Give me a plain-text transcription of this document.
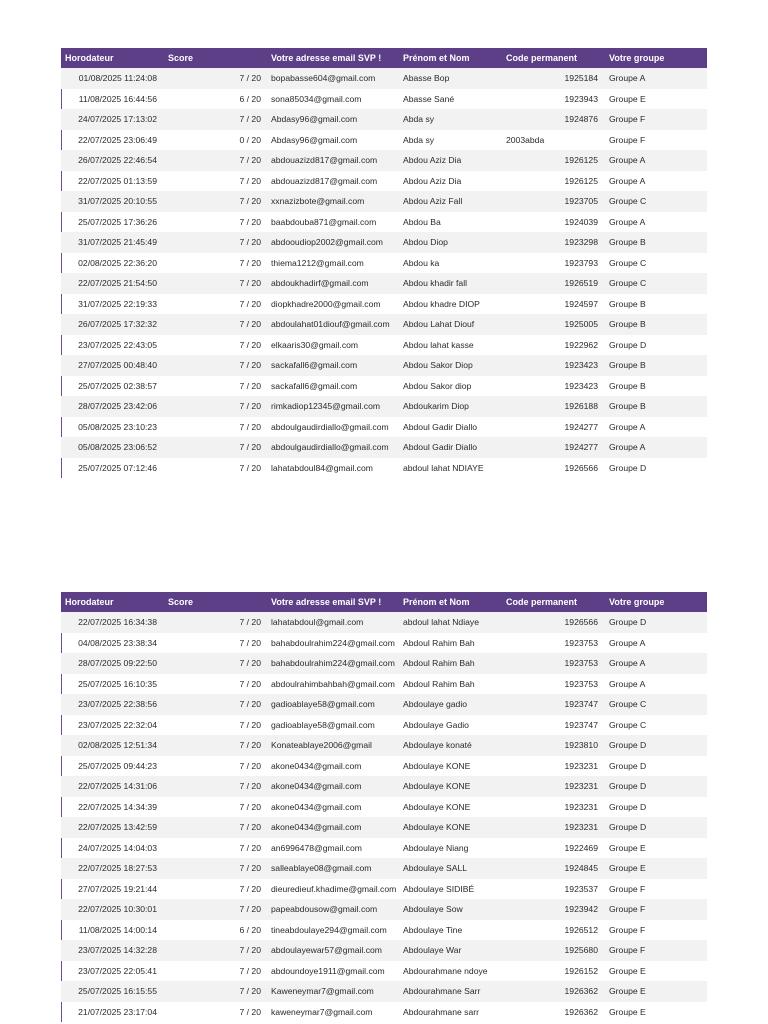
Horodateur	Score	Votre adresse email SVP !	Prénom et Nom	Code permanent	Votre groupe
01/08/2025 11:24:08	7 / 20 bopabasse604@gmail.com	Abasse Bop	1925184 Groupe A
11/08/2025 16:44:56	6 / 20 sona85034@gmail.com	Abasse Sané	1923943 Groupe E
24/07/2025 17:13:02	7 / 20 Abdasy96@gmail.com	Abda sy	1924876 Groupe F
22/07/2025 23:06:49	0 / 20 Abdasy96@gmail.com	Abda sy	2003abda	Groupe F
26/07/2025 22:46:54	7 / 20 abdouazizd817@gmail.com	Abdou Aziz Dia	1926125 Groupe A
22/07/2025 01:13:59	7 / 20 abdouazizd817@gmail.com	Abdou Aziz Dia	1926125 Groupe A
31/07/2025 20:10:55	7 / 20 xxnazizbote@gmail.com	Abdou Aziz Fall	1923705 Groupe C
25/07/2025 17:36:26	7 / 20 baabdouba871@gmail.com	Abdou Ba	1924039 Groupe A
31/07/2025 21:45:49	7 / 20 abdooudiop2002@gmail.com	Abdou Diop	1923298 Groupe B
02/08/2025 22:36:20	7 / 20 thiema1212@gmail.com	Abdou ka	1923793 Groupe C
22/07/2025 21:54:50	7 / 20 abdoukhadirf@gmail.com	Abdou khadir fall	1926519 Groupe C
31/07/2025 22:19:33	7 / 20 diopkhadre2000@gmail.com	Abdou khadre DIOP	1924597 Groupe B
26/07/2025 17:32:32	7 / 20 abdoulahat01diouf@gmail.com	Abdou Lahat Diouf	1925005 Groupe B
23/07/2025 22:43:05	7 / 20 elkaaris30@gmail.com	Abdou lahat kasse	1922962 Groupe D
27/07/2025 00:48:40	7 / 20 sackafall6@gmail.com	Abdou Sakor Diop	1923423 Groupe B
25/07/2025 02:38:57	7 / 20 sackafall6@gmail.com	Abdou Sakor diop	1923423 Groupe B
28/07/2025 23:42:06	7 / 20 rimkadiop12345@gmail.com	Abdoukarim Diop	1926188 Groupe B
05/08/2025 23:10:23	7 / 20 abdoulgaudirdiallo@gmail.com	Abdoul Gadir Diallo	1924277 Groupe A
05/08/2025 23:06:52	7 / 20 abdoulgaudirdiallo@gmail.com	Abdoul Gadir Diallo	1924277 Groupe A
25/07/2025 07:12:46	7 / 20 lahatabdoul84@gmail.com	abdoul lahat NDIAYE	1926566 Groupe D
Horodateur	Score	Votre adresse email SVP !	Prénom et Nom	Code permanent	Votre groupe
22/07/2025 16:34:38	7 / 20 lahatabdoul@gmail.com	abdoul lahat Ndiaye	1926566 Groupe D
04/08/2025 23:38:34	7 / 20 bahabdoulrahim224@gmail.com Abdoul Rahim Bah	1923753 Groupe A
28/07/2025 09:22:50	7 / 20 bahabdoulrahim224@gmail.com Abdoul Rahim Bah	1923753 Groupe A
25/07/2025 16:10:35	7 / 20 abdoulrahimbahbah@gmail.com Abdoul Rahim Bah	1923753 Groupe A
23/07/2025 22:38:56	7 / 20 gadioablaye58@gmail.com	Abdoulaye gadio	1923747 Groupe C
23/07/2025 22:32:04	7 / 20 gadioablaye58@gmail.com	Abdoulaye Gadio	1923747 Groupe C
02/08/2025 12:51:34	7 / 20 Konateablaye2006@gmail	Abdoulaye konaté	1923810 Groupe D
25/07/2025 09:44:23	7 / 20 akone0434@gmail.com	Abdoulaye KONE	1923231 Groupe D
22/07/2025 14:31:06	7 / 20 akone0434@gmail.com	Abdoulaye KONE	1923231 Groupe D
22/07/2025 14:34:39	7 / 20 akone0434@gmail.com	Abdoulaye KONE	1923231 Groupe D
22/07/2025 13:42:59	7 / 20 akone0434@gmail.com	Abdoulaye KONE	1923231 Groupe D
24/07/2025 14:04:03	7 / 20 an6996478@gmail.com	Abdoulaye Niang	1922469 Groupe E
22/07/2025 18:27:53	7 / 20 salleablaye08@gmail.com	Abdoulaye SALL	1924845 Groupe E
27/07/2025 19:21:44	7 / 20 dieurediеuf.khadime@gmail.com Abdoulaye SIDIBÉ	1923537 Groupe F
22/07/2025 10:30:01	7 / 20 papeabdousow@gmail.com	Abdoulaye Sow	1923942 Groupe F
11/08/2025 14:00:14	6 / 20 tineabdoulaye294@gmail.com	Abdoulaye Tine	1926512 Groupe F
23/07/2025 14:32:28	7 / 20 abdoulayewar57@gmail.com	Abdoulaye War	1925680 Groupe F
23/07/2025 22:05:41	7 / 20 abdoundoye1911@gmail.com	Abdourahmane ndoye	1926152 Groupe E
25/07/2025 16:15:55	7 / 20 Kaweneymar7@gmail.com	Abdourahmane Sarr	1926362 Groupe E
21/07/2025 23:17:04	7 / 20 kaweneymar7@gmail.com	Abdourahmane sarr	1926362 Groupe E
